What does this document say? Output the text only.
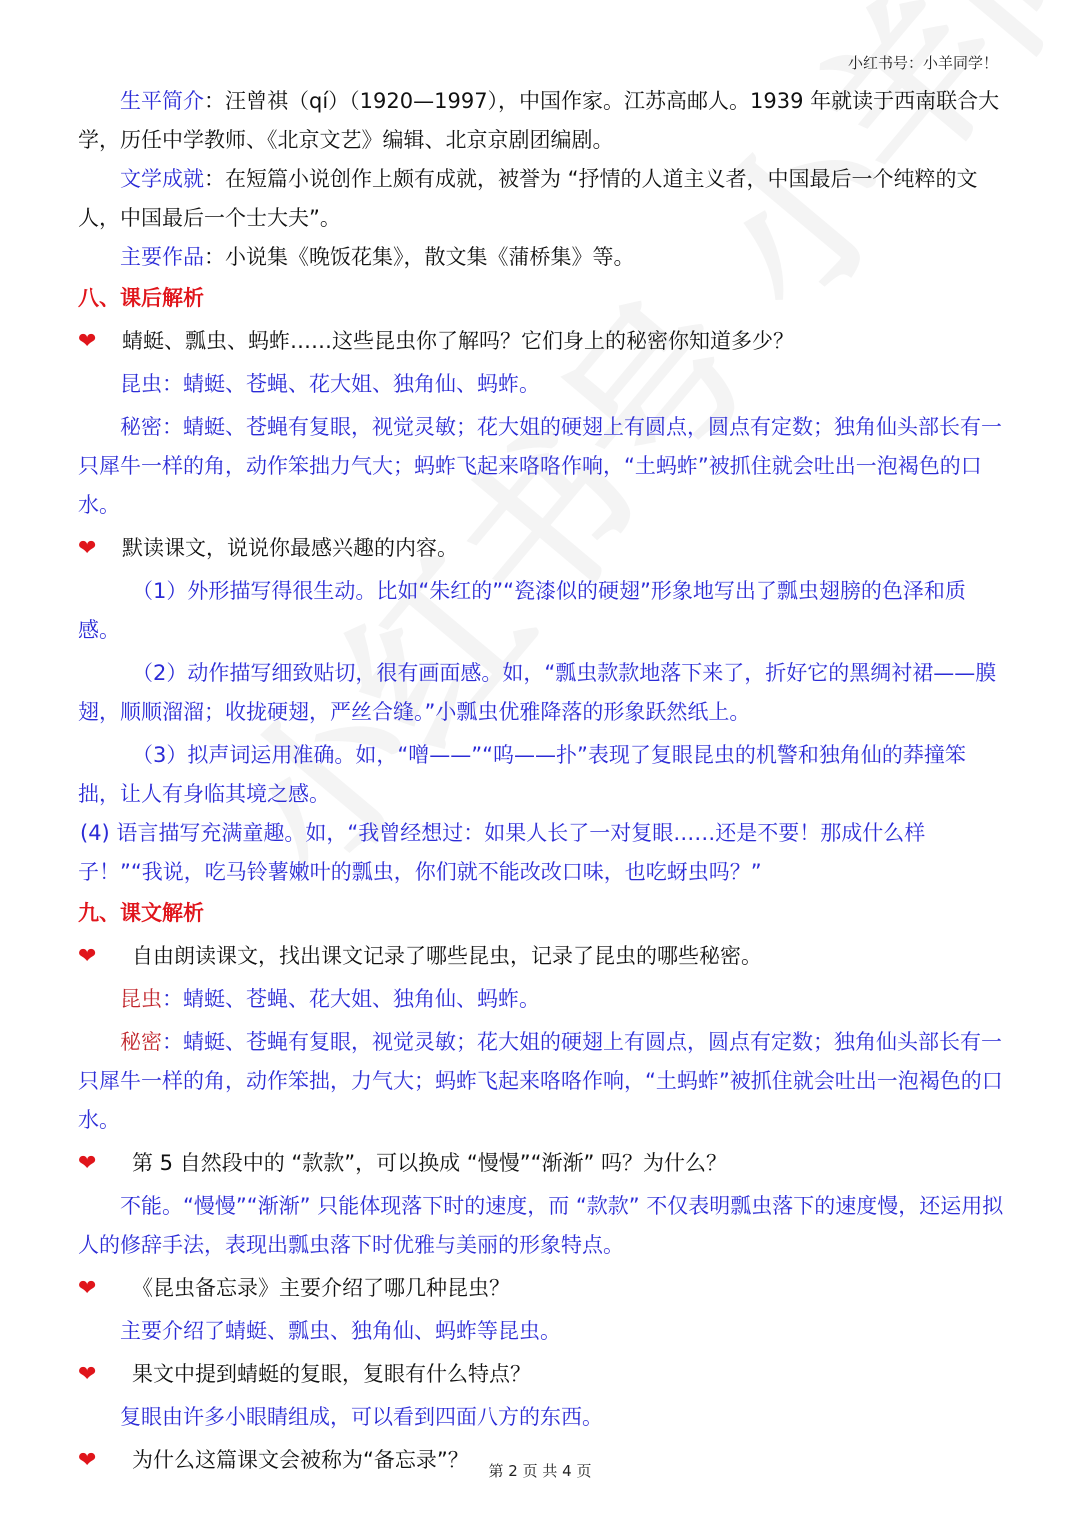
小红书号：小羊同学！

生平简介：汪曾祺（qí）（1920—1997），中国作家。江苏高邮人。1939 年就读于西南联合大学，历任中学教师、《北京文艺》编辑、北京京剧团编剧。

文学成就：在短篇小说创作上颇有成就，被誉为 “抒情的人道主义者，中国最后一个纯粹的文人，中国最后一个士大夫”。

主要作品：小说集《晚饭花集》，散文集《蒲桥集》等。

八、课后解析

❤ 蜻蜓、瓢虫、蚂蚱……这些昆虫你了解吗？它们身上的秘密你知道多少？

昆虫：蜻蜓、苍蝇、花大姐、独角仙、蚂蚱。

秘密：蜻蜓、苍蝇有复眼，视觉灵敏；花大姐的硬翅上有圆点，圆点有定数；独角仙头部长有一只犀牛一样的角，动作笨拙力气大；蚂蚱飞起来咯咯作响，“土蚂蚱”被抓住就会吐出一泡褐色的口水。

❤ 默读课文，说说你最感兴趣的内容。

（1）外形描写得很生动。比如“朱红的”“瓷漆似的硬翅”形象地写出了瓢虫翅膀的色泽和质感。

（2）动作描写细致贴切，很有画面感。如，“瓢虫款款地落下来了，折好它的黑绸衬裙——膜翅，顺顺溜溜；收拢硬翅，严丝合缝。”小瓢虫优雅降落的形象跃然纸上。

（3）拟声词运用准确。如，“噌——”“呜——扑”表现了复眼昆虫的机警和独角仙的莽撞笨拙，让人有身临其境之感。

(4) 语言描写充满童趣。如，“我曾经想过：如果人长了一对复眼……还是不要！那成什么样子！”“我说，吃马铃薯嫩叶的瓢虫，你们就不能改改口味，也吃蚜虫吗？”

九、课文解析

❤ 自由朗读课文，找出课文记录了哪些昆虫，记录了昆虫的哪些秘密。

昆虫：蜻蜓、苍蝇、花大姐、独角仙、蚂蚱。

秘密：蜻蜓、苍蝇有复眼，视觉灵敏；花大姐的硬翅上有圆点，圆点有定数；独角仙头部长有一只犀牛一样的角，动作笨拙，力气大；蚂蚱飞起来咯咯作响，“土蚂蚱”被抓住就会吐出一泡褐色的口水。

❤ 第 5 自然段中的 “款款”，可以换成 “慢慢”“渐渐” 吗？为什么？

不能。“慢慢”“渐渐” 只能体现落下时的速度，而 “款款” 不仅表明瓢虫落下的速度慢，还运用拟人的修辞手法，表现出瓢虫落下时优雅与美丽的形象特点。

❤ 《昆虫备忘录》主要介绍了哪几种昆虫？

主要介绍了蜻蜓、瓢虫、独角仙、蚂蚱等昆虫。

❤ 果文中提到蜻蜓的复眼，复眼有什么特点？

复眼由许多小眼睛组成，可以看到四面八方的东西。

❤ 为什么这篇课文会被称为“备忘录”？	第 2 页 共 4 页
